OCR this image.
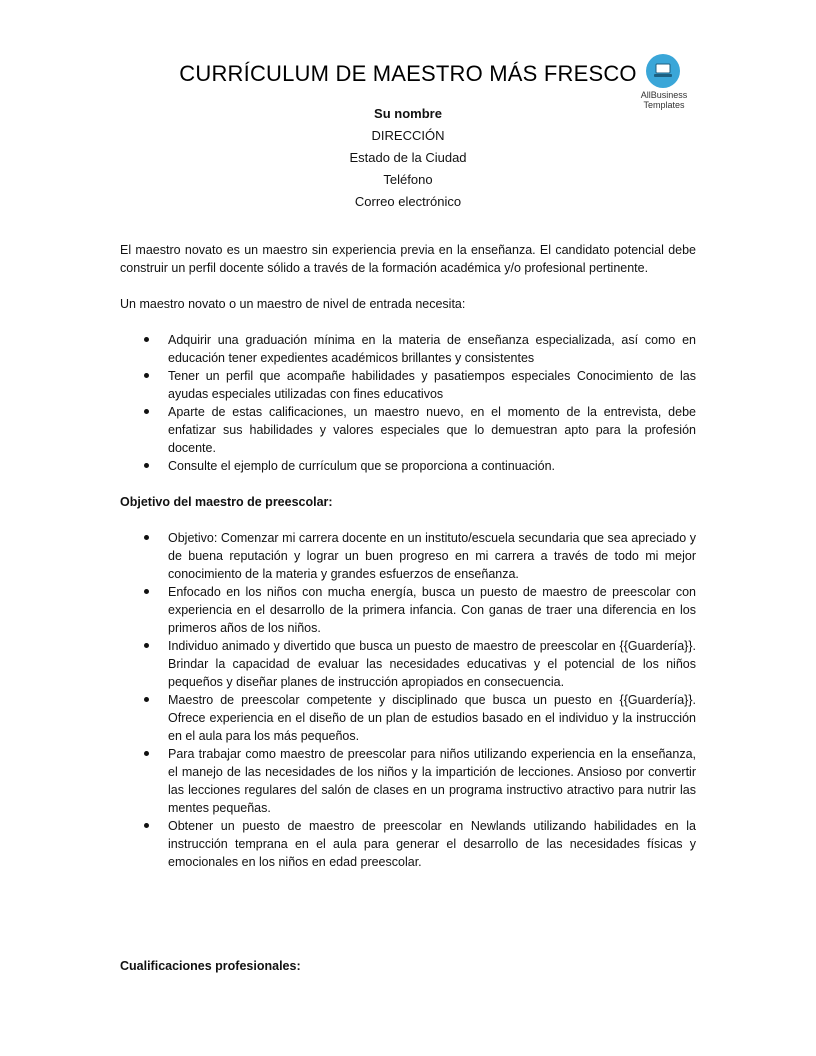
CURRÍCULUM DE MAESTRO MÁS FRESCO
AllBusiness
Templates
Su nombre
DIRECCIÓN
Estado de la Ciudad
Teléfono
Correo electrónico

El maestro novato es un maestro sin experiencia previa en la enseñanza. El candidato potencial debe construir un perfil docente sólido a través de la formación académica y/o profesional pertinente.

Un maestro novato o un maestro de nivel de entrada necesita:

Adquirir una graduación mínima en la materia de enseñanza especializada, así como en educación tener expedientes académicos brillantes y consistentes
Tener un perfil que acompañe habilidades y pasatiempos especiales Conocimiento de las ayudas especiales utilizadas con fines educativos
Aparte de estas calificaciones, un maestro nuevo, en el momento de la entrevista, debe enfatizar sus habilidades y valores especiales que lo demuestran apto para la profesión docente.
Consulte el ejemplo de currículum que se proporciona a continuación.

Objetivo del maestro de preescolar:

Objetivo: Comenzar mi carrera docente en un instituto/escuela secundaria que sea apreciado y de buena reputación y lograr un buen progreso en mi carrera a través de todo mi mejor conocimiento de la materia y grandes esfuerzos de enseñanza.
Enfocado en los niños con mucha energía, busca un puesto de maestro de preescolar con experiencia en el desarrollo de la primera infancia. Con ganas de traer una diferencia en los primeros años de los niños.
Individuo animado y divertido que busca un puesto de maestro de preescolar en {{Guardería}}. Brindar la capacidad de evaluar las necesidades educativas y el potencial de los niños pequeños y diseñar planes de instrucción apropiados en consecuencia.
Maestro de preescolar competente y disciplinado que busca un puesto en {{Guardería}}. Ofrece experiencia en el diseño de un plan de estudios basado en el individuo y la instrucción en el aula para los más pequeños.
Para trabajar como maestro de preescolar para niños utilizando experiencia en la enseñanza, el manejo de las necesidades de los niños y la impartición de lecciones. Ansioso por convertir las lecciones regulares del salón de clases en un programa instructivo atractivo para nutrir las mentes pequeñas.
Obtener un puesto de maestro de preescolar en Newlands utilizando habilidades en la instrucción temprana en el aula para generar el desarrollo de las necesidades físicas y emocionales en los niños en edad preescolar.
Cualificaciones profesionales:
